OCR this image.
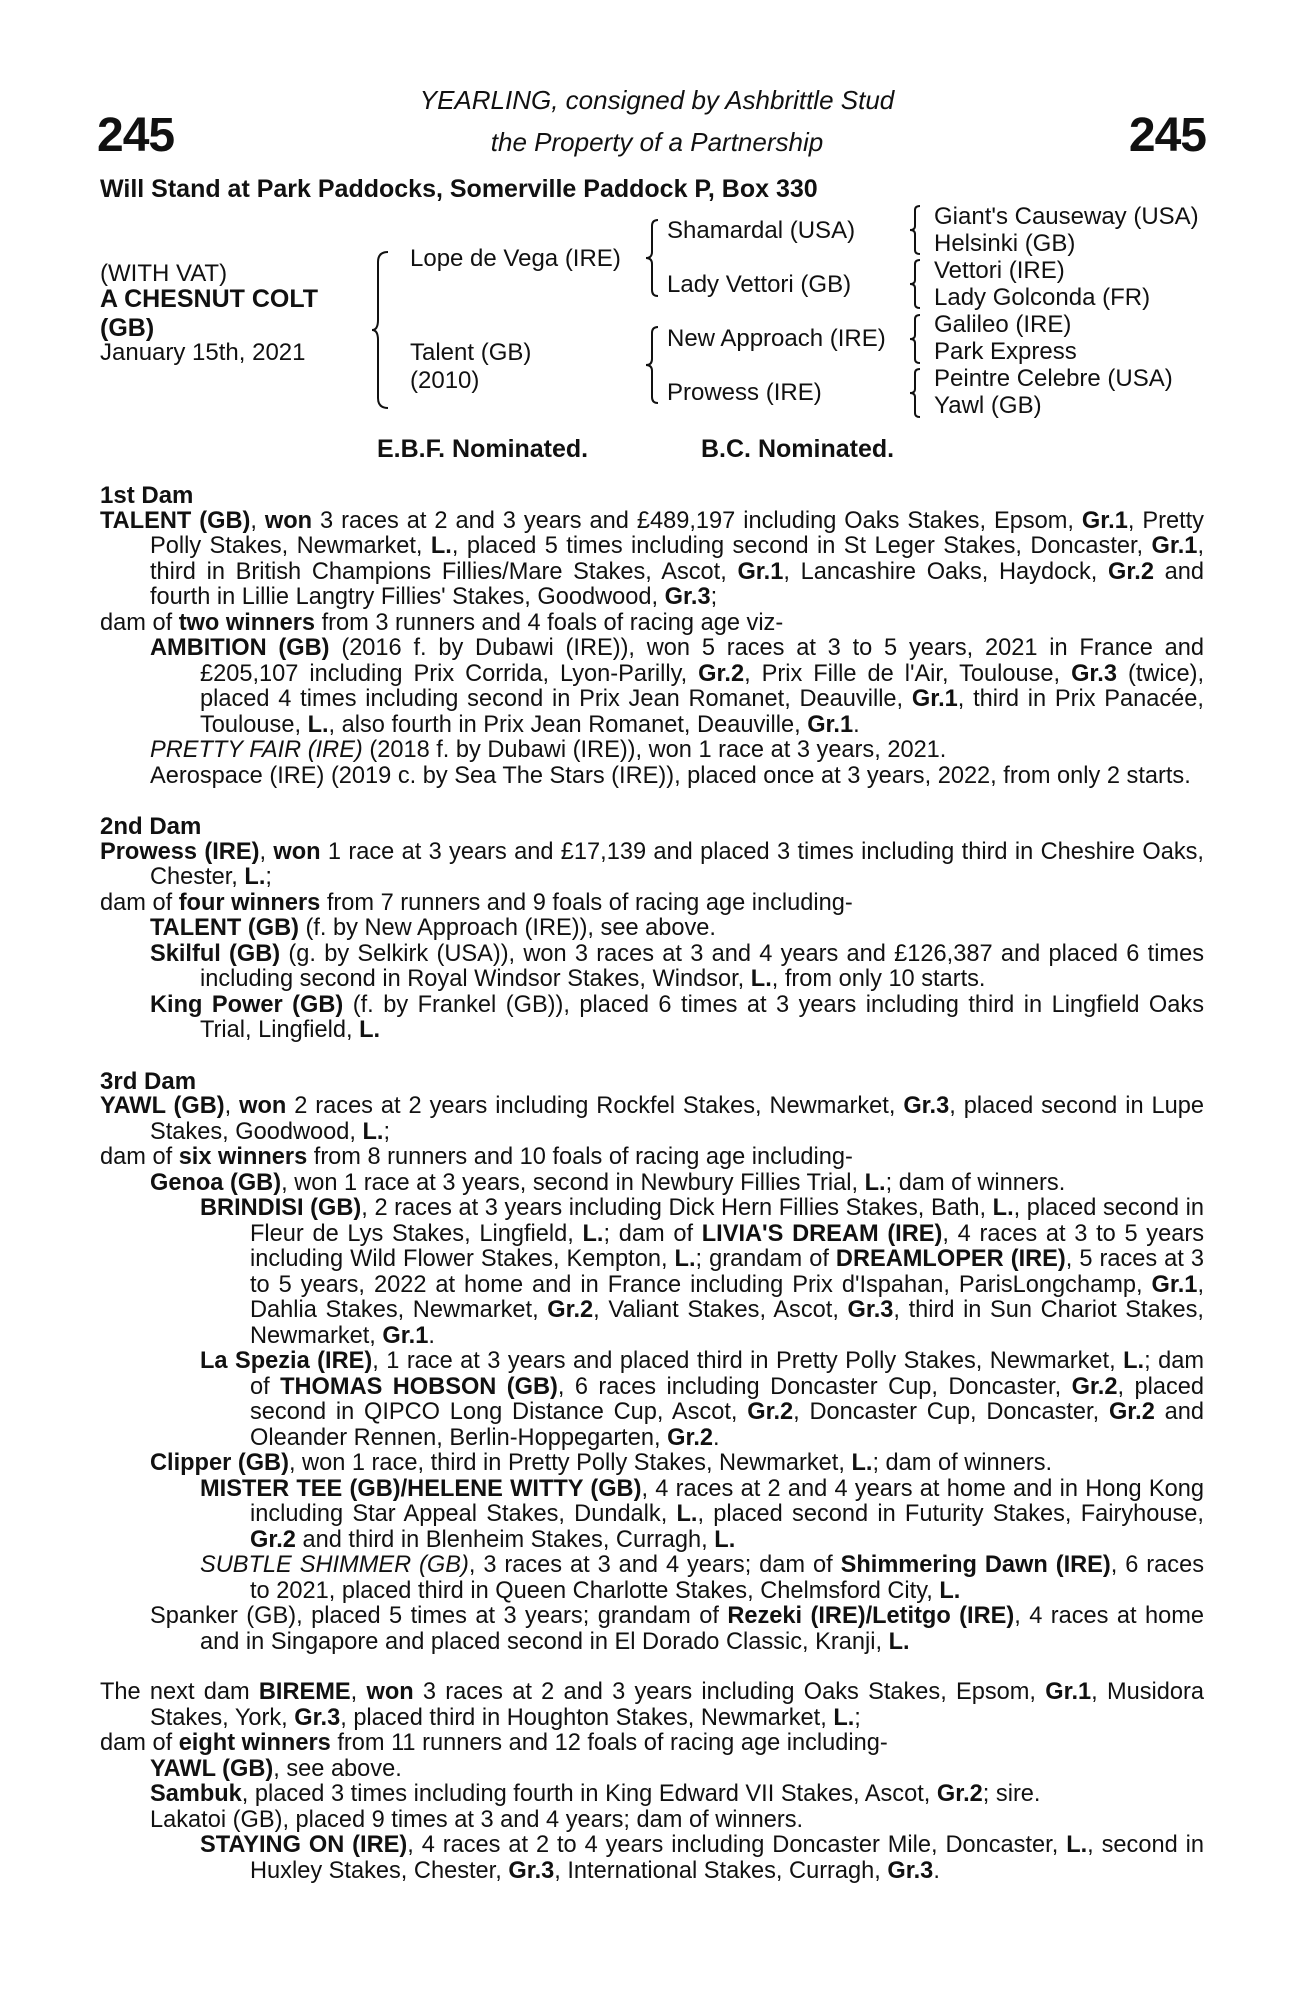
245	245
YEARLING, consigned by Ashbrittle Stud
the Property of a Partnership
Will Stand at Park Paddocks, Somerville Paddock P, Box 330
(WITH VAT)
A CHESNUT COLT
(GB)
January 15th, 2021
Lope de Vega (IRE)
Talent (GB)
(2010)
Shamardal (USA)
Lady Vettori (GB)
New Approach (IRE)
Prowess (IRE)
Giant's Causeway (USA)
Helsinki (GB)
Vettori (IRE)
Lady Golconda (FR)
Galileo (IRE)
Park Express
Peintre Celebre (USA)
Yawl (GB)
E.B.F. Nominated.	B.C. Nominated.
1st Dam
TALENT (GB), won 3 races at 2 and 3 years and £489,197 including Oaks Stakes, Epsom, Gr.1, Pretty Polly Stakes, Newmarket, L., placed 5 times including second in St Leger Stakes, Doncaster, Gr.1, third in British Champions Fillies/Mare Stakes, Ascot, Gr.1, Lancashire Oaks, Haydock, Gr.2 and fourth in Lillie Langtry Fillies' Stakes, Goodwood, Gr.3;
dam of two winners from 3 runners and 4 foals of racing age viz-
AMBITION (GB) (2016 f. by Dubawi (IRE)), won 5 races at 3 to 5 years, 2021 in France and £205,107 including Prix Corrida, Lyon-Parilly, Gr.2, Prix Fille de l'Air, Toulouse, Gr.3 (twice), placed 4 times including second in Prix Jean Romanet, Deauville, Gr.1, third in Prix Panacée, Toulouse, L., also fourth in Prix Jean Romanet, Deauville, Gr.1.
PRETTY FAIR (IRE) (2018 f. by Dubawi (IRE)), won 1 race at 3 years, 2021.
Aerospace (IRE) (2019 c. by Sea The Stars (IRE)), placed once at 3 years, 2022, from only 2 starts.
2nd Dam
Prowess (IRE), won 1 race at 3 years and £17,139 and placed 3 times including third in Cheshire Oaks, Chester, L.;
dam of four winners from 7 runners and 9 foals of racing age including-
TALENT (GB) (f. by New Approach (IRE)), see above.
Skilful (GB) (g. by Selkirk (USA)), won 3 races at 3 and 4 years and £126,387 and placed 6 times including second in Royal Windsor Stakes, Windsor, L., from only 10 starts.
King Power (GB) (f. by Frankel (GB)), placed 6 times at 3 years including third in Lingfield Oaks Trial, Lingfield, L.
3rd Dam
YAWL (GB), won 2 races at 2 years including Rockfel Stakes, Newmarket, Gr.3, placed second in Lupe Stakes, Goodwood, L.;
dam of six winners from 8 runners and 10 foals of racing age including-
Genoa (GB), won 1 race at 3 years, second in Newbury Fillies Trial, L.; dam of winners.
BRINDISI (GB), 2 races at 3 years including Dick Hern Fillies Stakes, Bath, L., placed second in Fleur de Lys Stakes, Lingfield, L.; dam of LIVIA'S DREAM (IRE), 4 races at 3 to 5 years including Wild Flower Stakes, Kempton, L.; grandam of DREAMLOPER (IRE), 5 races at 3 to 5 years, 2022 at home and in France including Prix d'Ispahan, ParisLongchamp, Gr.1, Dahlia Stakes, Newmarket, Gr.2, Valiant Stakes, Ascot, Gr.3, third in Sun Chariot Stakes, Newmarket, Gr.1.
La Spezia (IRE), 1 race at 3 years and placed third in Pretty Polly Stakes, Newmarket, L.; dam of THOMAS HOBSON (GB), 6 races including Doncaster Cup, Doncaster, Gr.2, placed second in QIPCO Long Distance Cup, Ascot, Gr.2, Doncaster Cup, Doncaster, Gr.2 and Oleander Rennen, Berlin-Hoppegarten, Gr.2.
Clipper (GB), won 1 race, third in Pretty Polly Stakes, Newmarket, L.; dam of winners.
MISTER TEE (GB)/HELENE WITTY (GB), 4 races at 2 and 4 years at home and in Hong Kong including Star Appeal Stakes, Dundalk, L., placed second in Futurity Stakes, Fairyhouse, Gr.2 and third in Blenheim Stakes, Curragh, L.
SUBTLE SHIMMER (GB), 3 races at 3 and 4 years; dam of Shimmering Dawn (IRE), 6 races to 2021, placed third in Queen Charlotte Stakes, Chelmsford City, L.
Spanker (GB), placed 5 times at 3 years; grandam of Rezeki (IRE)/Letitgo (IRE), 4 races at home and in Singapore and placed second in El Dorado Classic, Kranji, L.
The next dam BIREME, won 3 races at 2 and 3 years including Oaks Stakes, Epsom, Gr.1, Musidora Stakes, York, Gr.3, placed third in Houghton Stakes, Newmarket, L.;
dam of eight winners from 11 runners and 12 foals of racing age including-
YAWL (GB), see above.
Sambuk, placed 3 times including fourth in King Edward VII Stakes, Ascot, Gr.2; sire.
Lakatoi (GB), placed 9 times at 3 and 4 years; dam of winners.
STAYING ON (IRE), 4 races at 2 to 4 years including Doncaster Mile, Doncaster, L., second in Huxley Stakes, Chester, Gr.3, International Stakes, Curragh, Gr.3.
